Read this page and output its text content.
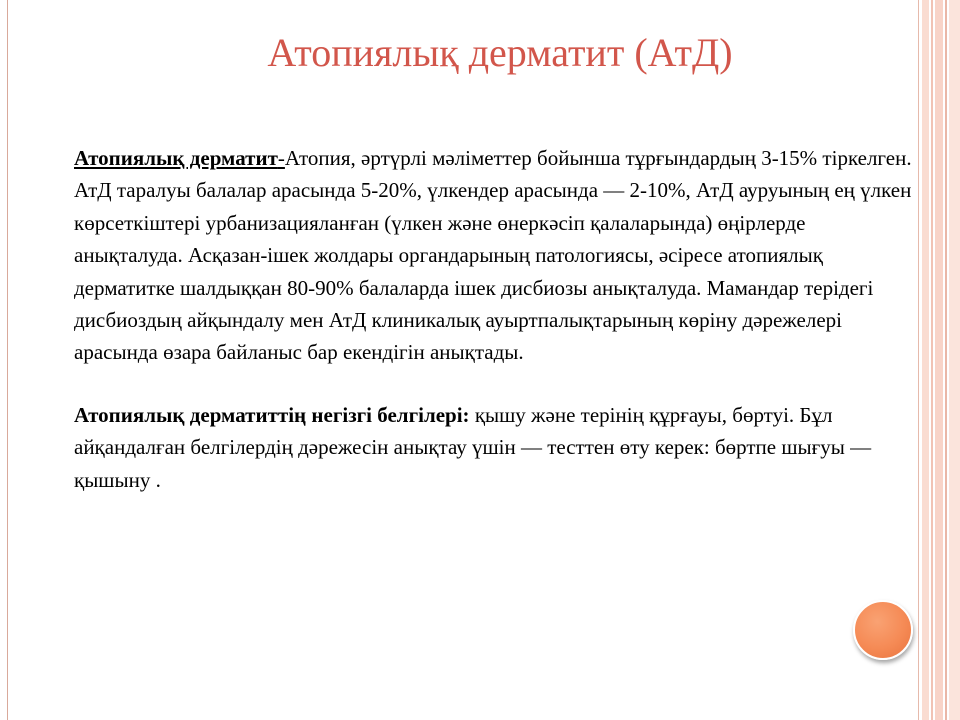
Атопиялық дерматит (АтД)

Атопиялық дерматит-Атопия, әртүрлі мәліметтер бойынша тұрғындардың 3-15% тіркелген. АтД таралуы балалар арасында 5-20%, үлкендер арасында — 2-10%, АтД ауруының ең үлкен көрсеткіштері урбанизацияланған (үлкен және өнеркәсіп қалаларында) өңірлерде анықталуда. Асқазан-ішек жолдары органдарының патологиясы, әсіресе атопиялық дерматитке шалдыққан 80-90% балаларда ішек дисбиозы анықталуда. Мамандар терідегі дисбиоздың айқындалу мен АтД клиникалық ауыртпалықтарының көріну дәрежелері арасында өзара байланыс бар екендігін анықтады.

Атопиялық дерматиттің негізгі белгілері: қышу және терінің құрғауы, бөртуі. Бұл айқандалған белгілердің дәрежесін анықтау үшін — тесттен өту керек: бөртпе шығуы — қышыну .
